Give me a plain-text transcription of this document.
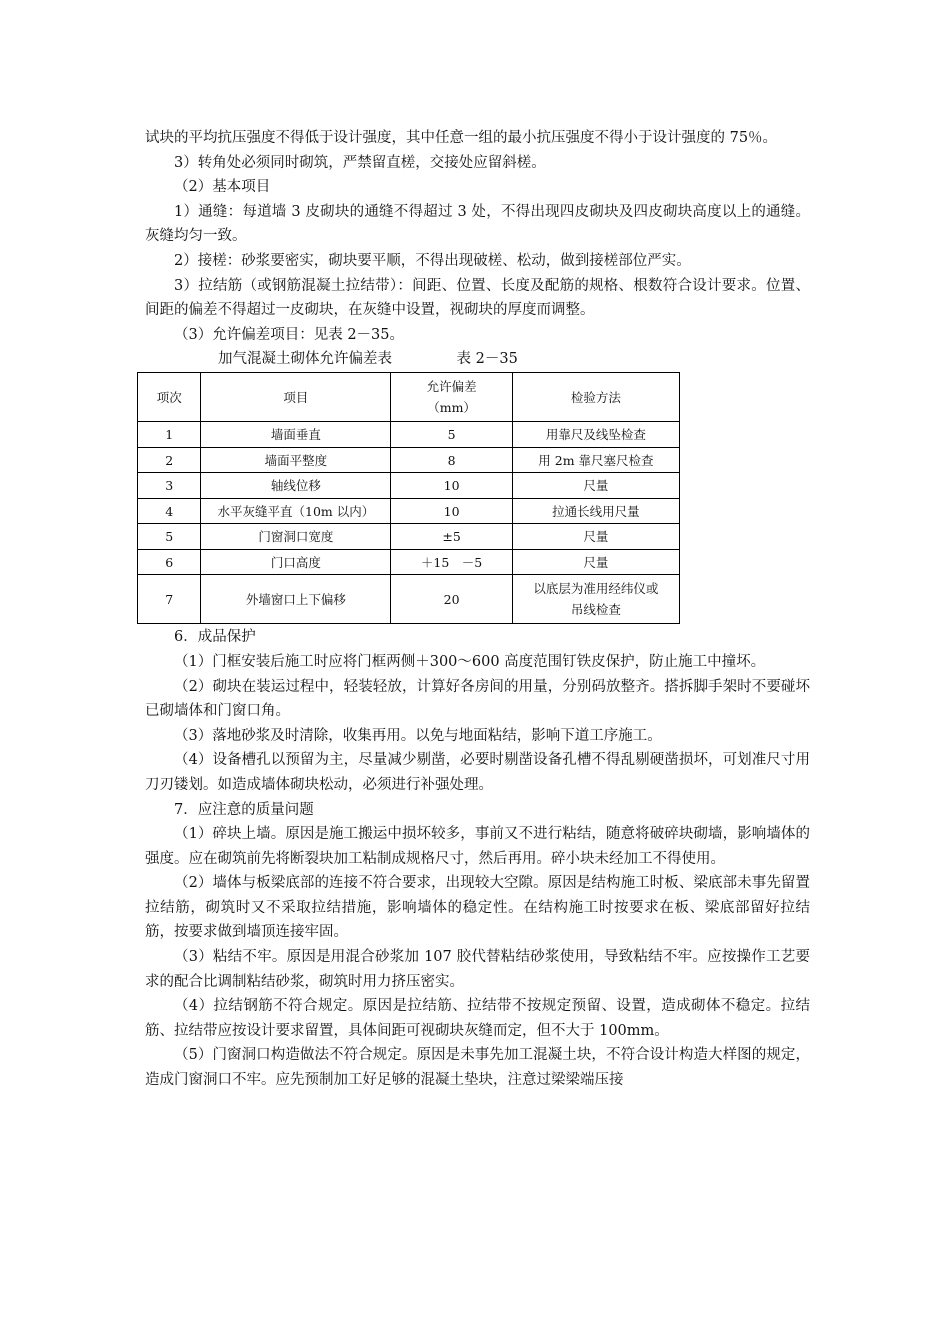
试块的平均抗压强度不得低于设计强度，其中任意一组的最小抗压强度不得小于设计强度的 75％。

3）转角处必须同时砌筑，严禁留直槎，交接处应留斜槎。

（2）基本项目

1）通缝：每道墙 3 皮砌块的通缝不得超过 3 处，不得出现四皮砌块及四皮砌块高度以上的通缝。灰缝均匀一致。

2）接槎：砂浆要密实，砌块要平顺，不得出现破槎、松动，做到接槎部位严实。

3）拉结筋（或钢筋混凝土拉结带）：间距、位置、长度及配筋的规格、根数符合设计要求。位置、间距的偏差不得超过一皮砌块，在灰缝中设置，视砌块的厚度而调整。

（3）允许偏差项目：见表 2－35。

加气混凝土砌体允许偏差表	表 2－35

项次	项目	允许偏差
（mm）	检验方法
1	墙面垂直	5	用靠尺及线坠检查
2	墙面平整度	8	用 2m 靠尺塞尺检查
3	轴线位移	10	尺量
4	水平灰缝平直（10m 以内）	10	拉通长线用尺量
5	门窗洞口宽度	±5	尺量
6	门口高度	＋15　－5	尺量
7	外墙窗口上下偏移	20	以底层为准用经纬仪或
吊线检查

6．成品保护

（1）门框安装后施工时应将门框两侧＋300～600 高度范围钉铁皮保护，防止施工中撞坏。

（2）砌块在装运过程中，轻装轻放，计算好各房间的用量，分别码放整齐。搭拆脚手架时不要碰坏已砌墙体和门窗口角。

（3）落地砂浆及时清除，收集再用。以免与地面粘结，影响下道工序施工。

（4）设备槽孔以预留为主，尽量减少剔凿，必要时剔凿设备孔槽不得乱剔硬凿损坏，可划准尺寸用刀刃镂划。如造成墙体砌块松动，必须进行补强处理。

7．应注意的质量问题

（1）碎块上墙。原因是施工搬运中损坏较多，事前又不进行粘结，随意将破碎块砌墙，影响墙体的强度。应在砌筑前先将断裂块加工粘制成规格尺寸，然后再用。碎小块未经加工不得使用。

（2）墙体与板梁底部的连接不符合要求，出现较大空隙。原因是结构施工时板、梁底部未事先留置拉结筋，砌筑时又不采取拉结措施，影响墙体的稳定性。在结构施工时按要求在板、梁底部留好拉结筋，按要求做到墙顶连接牢固。

（3）粘结不牢。原因是用混合砂浆加 107 胶代替粘结砂浆使用，导致粘结不牢。应按操作工艺要求的配合比调制粘结砂浆，砌筑时用力挤压密实。

（4）拉结钢筋不符合规定。原因是拉结筋、拉结带不按规定预留、设置，造成砌体不稳定。拉结筋、拉结带应按设计要求留置，具体间距可视砌块灰缝而定，但不大于 100mm。

（5）门窗洞口构造做法不符合规定。原因是未事先加工混凝土块，不符合设计构造大样图的规定，造成门窗洞口不牢。应先预制加工好足够的混凝土垫块，注意过梁梁端压接
